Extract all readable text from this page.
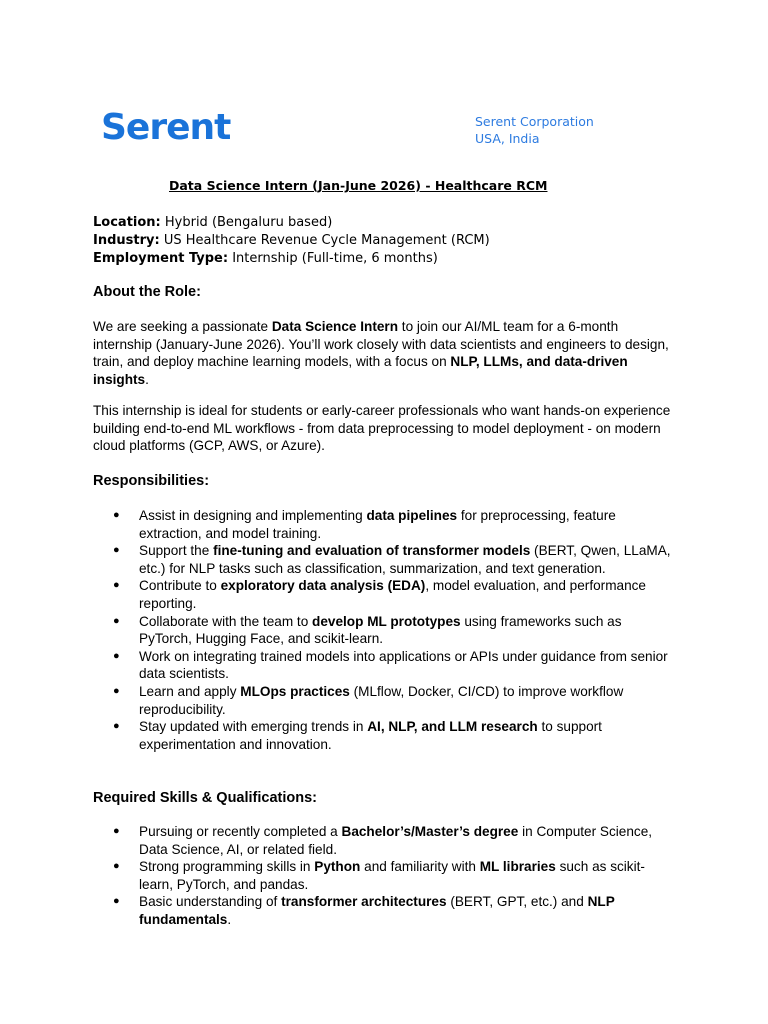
Serent	Serent Corporation
USA, India
Data Science Intern (Jan-June 2026) - Healthcare RCM
Location: Hybrid (Bengaluru based)
Industry: US Healthcare Revenue Cycle Management (RCM)
Employment Type: Internship (Full-time, 6 months)
About the Role:
We are seeking a passionate Data Science Intern to join our AI/ML team for a 6-month internship (January-June 2026). You’ll work closely with data scientists and engineers to design, train, and deploy machine learning models, with a focus on NLP, LLMs, and data-driven insights.
This internship is ideal for students or early-career professionals who want hands-on experience building end-to-end ML workflows - from data preprocessing to model deployment - on modern cloud platforms (GCP, AWS, or Azure).
Responsibilities:
● Assist in designing and implementing data pipelines for preprocessing, feature extraction, and model training.
● Support the fine-tuning and evaluation of transformer models (BERT, Qwen, LLaMA, etc.) for NLP tasks such as classification, summarization, and text generation.
● Contribute to exploratory data analysis (EDA), model evaluation, and performance reporting.
● Collaborate with the team to develop ML prototypes using frameworks such as PyTorch, Hugging Face, and scikit-learn.
● Work on integrating trained models into applications or APIs under guidance from senior data scientists.
● Learn and apply MLOps practices (MLflow, Docker, CI/CD) to improve workflow reproducibility.
● Stay updated with emerging trends in AI, NLP, and LLM research to support experimentation and innovation.
Required Skills & Qualifications:
● Pursuing or recently completed a Bachelor’s/Master’s degree in Computer Science, Data Science, AI, or related field.
● Strong programming skills in Python and familiarity with ML libraries such as scikit-learn, PyTorch, and pandas.
● Basic understanding of transformer architectures (BERT, GPT, etc.) and NLP fundamentals.
